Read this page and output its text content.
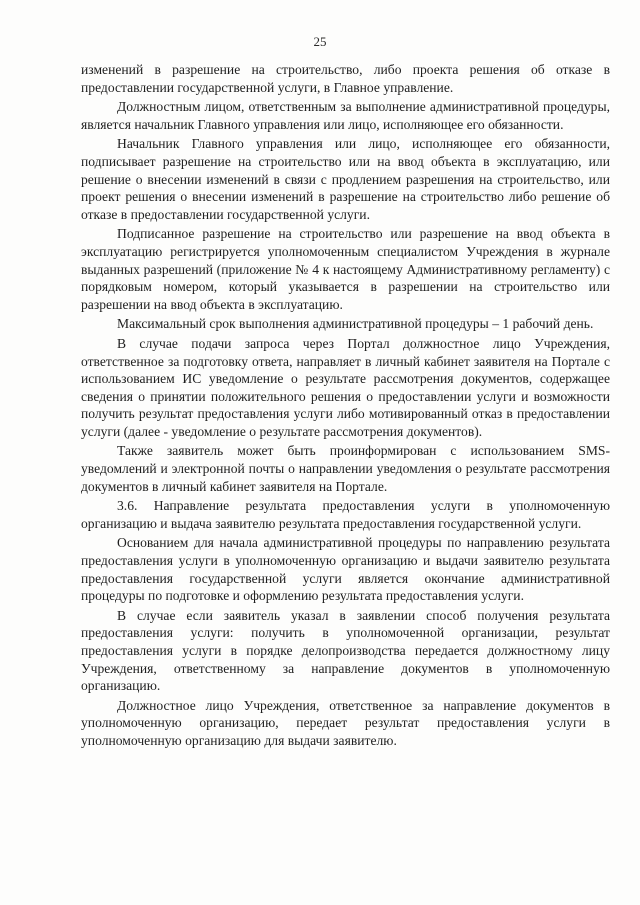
25

изменений в разрешение на строительство, либо проекта решения об отказе в предоставлении государственной услуги, в Главное управление.

Должностным лицом, ответственным за выполнение административной процедуры, является начальник Главного управления или лицо, исполняющее его обязанности.

Начальник Главного управления или лицо, исполняющее его обязанности, подписывает разрешение на строительство или на ввод объекта в эксплуатацию, или решение о внесении изменений в связи с продлением разрешения на строительство, или проект решения о внесении изменений в разрешение на строительство либо решение об отказе в предоставлении государственной услуги.

Подписанное разрешение на строительство или разрешение на ввод объекта в эксплуатацию регистрируется уполномоченным специалистом Учреждения в журнале выданных разрешений (приложение № 4 к настоящему Административному регламенту) с порядковым номером, который указывается в разрешении на строительство или разрешении на ввод объекта в эксплуатацию.

Максимальный срок выполнения административной процедуры – 1 рабочий день.

В случае подачи запроса через Портал должностное лицо Учреждения, ответственное за подготовку ответа, направляет в личный кабинет заявителя на Портале с использованием ИС уведомление о результате рассмотрения документов, содержащее сведения о принятии положительного решения о предоставлении услуги и возможности получить результат предоставления услуги либо мотивированный отказ в предоставлении услуги (далее - уведомление о результате рассмотрения документов).

Также заявитель может быть проинформирован с использованием SMS-уведомлений и электронной почты о направлении уведомления о результате рассмотрения документов в личный кабинет заявителя на Портале.

3.6. Направление результата предоставления услуги в уполномоченную организацию и выдача заявителю результата предоставления государственной услуги.

Основанием для начала административной процедуры по направлению результата предоставления услуги в уполномоченную организацию и выдачи заявителю результата предоставления государственной услуги является окончание административной процедуры по подготовке и оформлению результата предоставления услуги.

В случае если заявитель указал в заявлении способ получения результата предоставления услуги: получить в уполномоченной организации, результат предоставления услуги в порядке делопроизводства передается должностному лицу Учреждения, ответственному за направление документов в уполномоченную организацию.

Должностное лицо Учреждения, ответственное за направление документов в уполномоченную организацию, передает результат предоставления услуги в уполномоченную организацию для выдачи заявителю.
